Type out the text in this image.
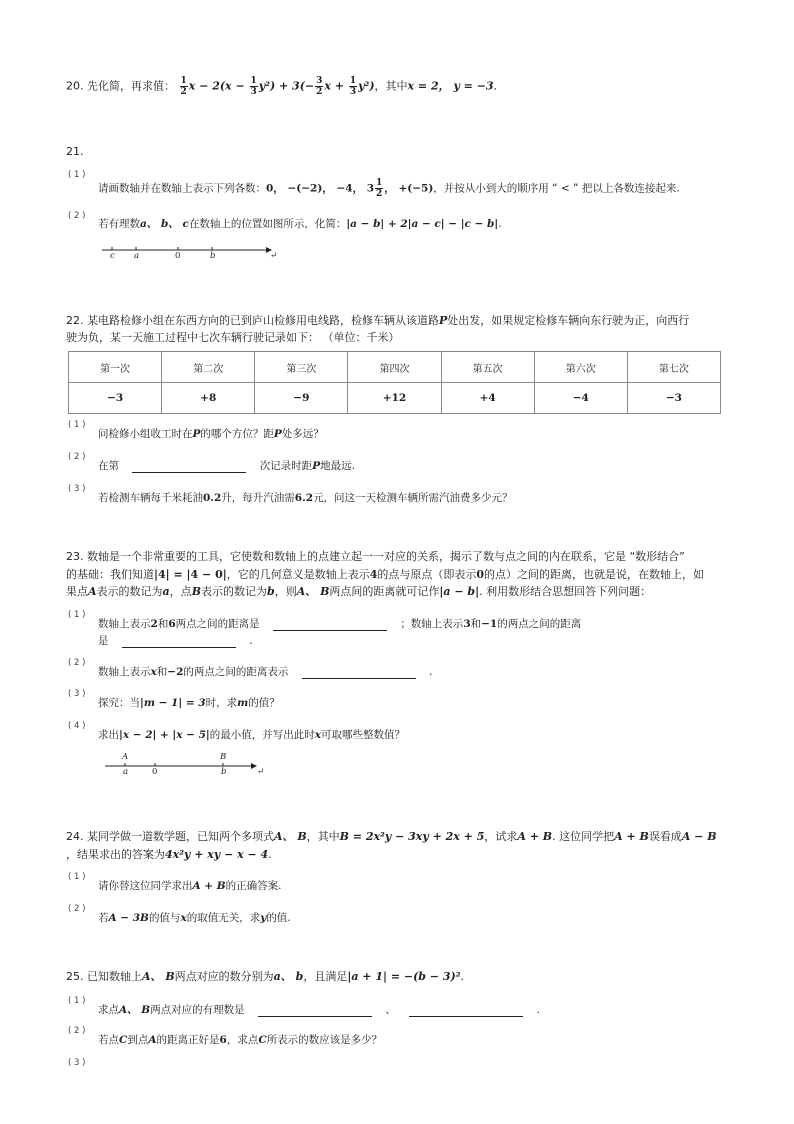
20. 先化简，再求值： $\frac{1}{2}$ $x - 2(x - \frac{1}{3} y^2) + 3(- \frac{3}{2}$ $x + \frac{1}{3} y^2$)，其中x = 2， y = −3.
21.
( 1 )
请画数轴并在数轴上表示下列各数：0， −(−2)， −4， $3 \frac{1}{2}$ ， +(−5)，并按从小到大的顺序用 “ < ” 把以上各数连接起来.
( 2 )
若有理数a、 b、 c在数轴上的位置如图所示，化简：|a − b| + 2|a − c| − |c − b|.
c a	0	b	↵
22. 某电路检修小组在东西方向的已到庐山检修用电线路，检修车辆从该道路P处出发，如果规定检修车辆向东行驶为正，向西行
驶为负，某一天施工过程中七次车辆行驶记录如下： （单位：千米）
第一次	第二次	第三次	第四次	第五次	第六次	第七次
−3	+8	−9	+12	+4	−4	−3
( 1 )
问检修小组收工时在P的哪个方位？距P处多远？
( 2 )
在第	次记录时距P地最远.
( 3 )
若检测车辆每千米耗油0.2升，每升汽油需6.2元，问这一天检测车辆所需汽油费多少元？
23. 数轴是一个非常重要的工具，它使数和数轴上的点建立起一一对应的关系，揭示了数与点之间的内在联系，它是 “数形结合”
的基础：我们知道|4| = |4 − 0|，它的几何意义是数轴上表示4的点与原点（即表示0的点）之间的距离，也就是说，在数轴上，如
果点A表示的数记为a，点B表示的数记为b，则A、 B两点间的距离就可记作|a − b|. 利用数形结合思想回答下列问题：
( 1 )
数轴上表示2和6两点之间的距离是	；数轴上表示3和−1的两点之间的距离
是	.
( 2 )
数轴上表示x和−2的两点之间的距离表示	.
( 3 )
探究：当|m − 1| = 3时，求m的值？
( 4 )
求出|x − 2| + |x − 5|的最小值，并写出此时x可取哪些整数值？
A	B
a	0	b	↵
24. 某同学做一道数学题，已知两个多项式A、 B，其中B = 2x²y − 3xy + 2x + 5，试求A + B. 这位同学把A + B误看成A − B
，结果求出的答案为4x²y + xy − x − 4.
( 1 )
请你替这位同学求出A + B的正确答案.
( 2 )
若A − 3B的值与x的取值无关，求y的值.
25. 已知数轴上A、 B两点对应的数分别为a、 b，且满足|a + 1| = −(b − 3)².
( 1 )
求点A、 B两点对应的有理数是	、	.
( 2 )
若点C到点A的距离正好是6，求点C所表示的数应该是多少？
( 3 )
